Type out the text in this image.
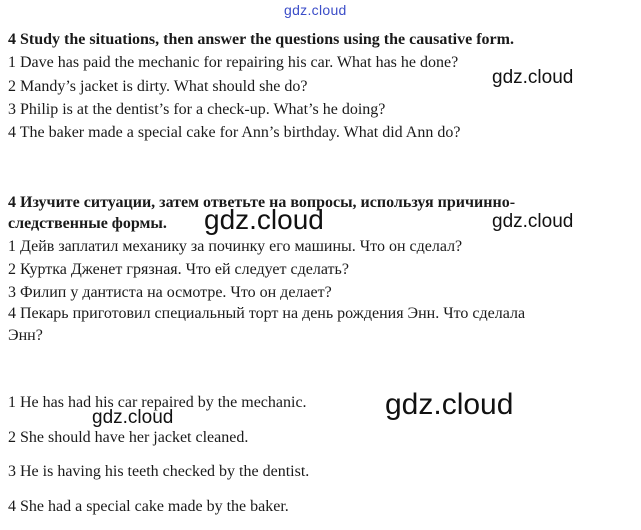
gdz.cloud
4 Study the situations, then answer the questions using the causative form.
1 Dave has paid the mechanic for repairing his car. What has he done?
2 Mandy’s jacket is dirty. What should she do?
3 Philip is at the dentist’s for a check-up. What’s he doing?
4 The baker made a special cake for Ann’s birthday. What did Ann do?
gdz.cloud
4 Изучите ситуации, затем ответьте на вопросы, используя причинно-
следственные формы.
1 Дейв заплатил механику за починку его машины. Что он сделал?
2 Куртка Дженет грязная. Что ей следует сделать?
3 Филип у дантиста на осмотре. Что он делает?
4 Пекарь приготовил специальный торт на день рождения Энн. Что сделала
Энн?
gdz.cloud	gdz.cloud
1 He has had his car repaired by the mechanic.
2 She should have her jacket cleaned.
3 He is having his teeth checked by the dentist.
4 She had a special cake made by the baker.
gdz.cloud
gdz.cloud
